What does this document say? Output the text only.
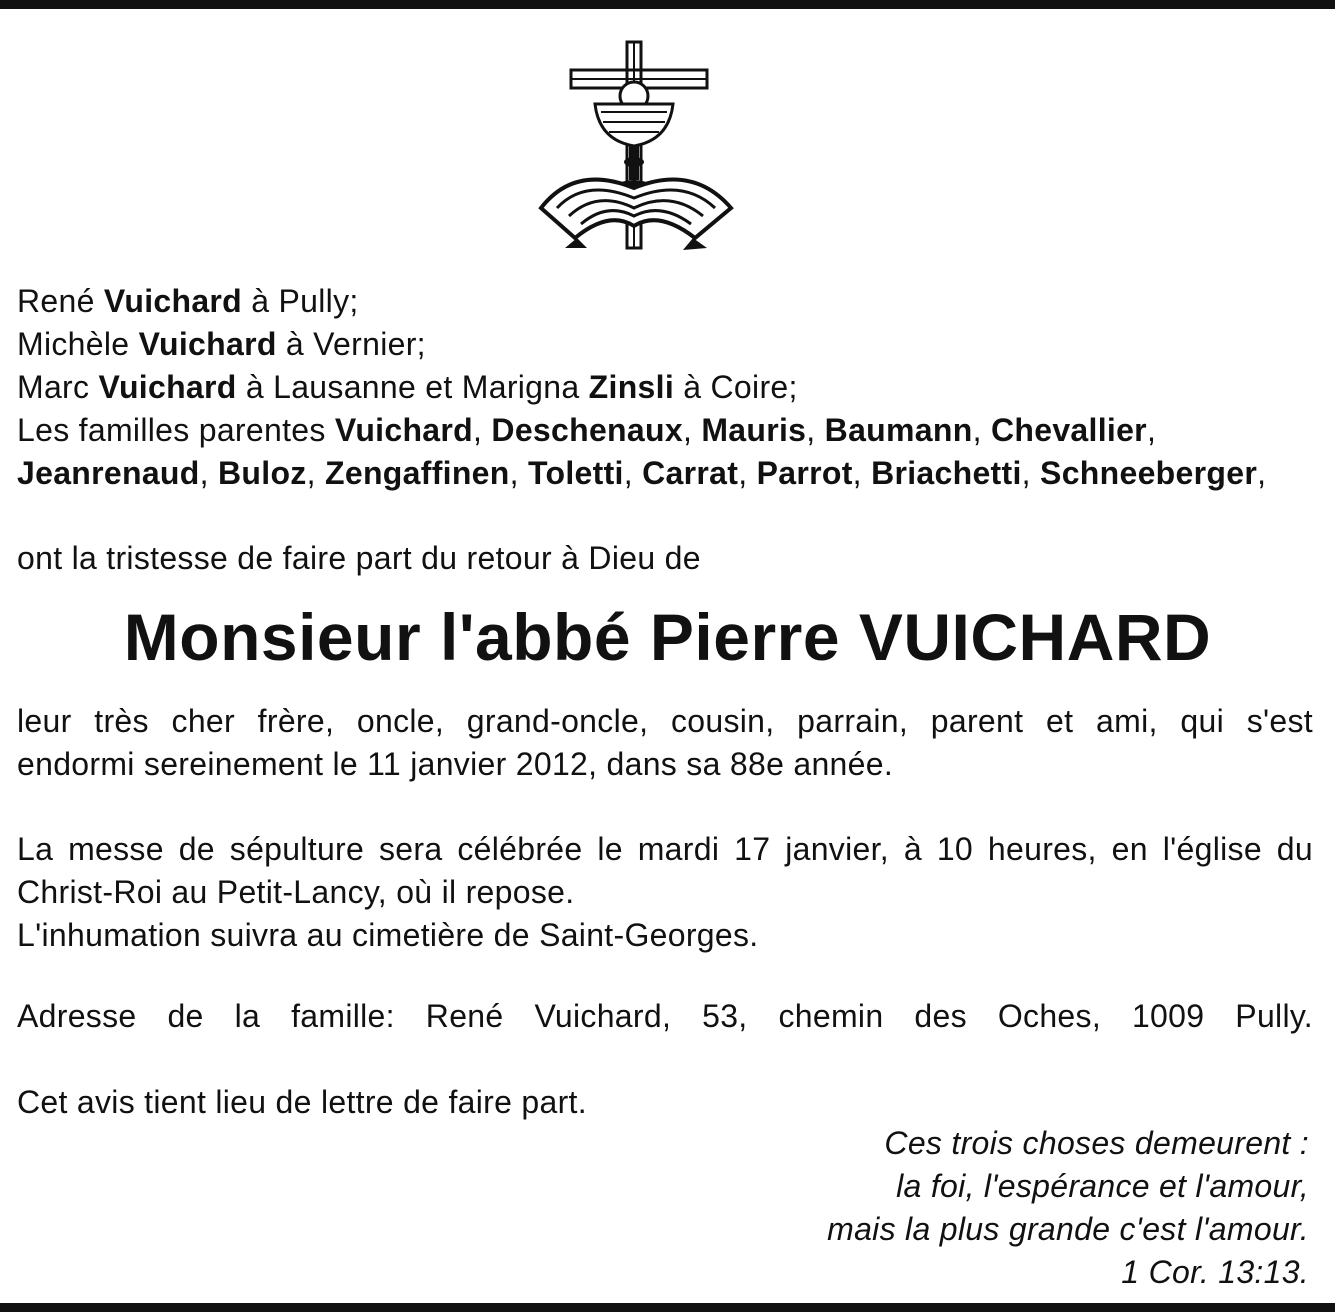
René Vuichard à Pully;
Michèle Vuichard à Vernier;
Marc Vuichard à Lausanne et Marigna Zinsli à Coire;
Les familles parentes Vuichard, Deschenaux, Mauris, Baumann, Chevallier,
Jeanrenaud, Buloz, Zengaffinen, Toletti, Carrat, Parrot, Briachetti, Schneeberger,
ont la tristesse de faire part du retour à Dieu de
Monsieur l'abbé Pierre VUICHARD
leur très cher frère, oncle, grand-oncle, cousin, parrain, parent et ami, qui s'est
endormi sereinement le 11 janvier 2012, dans sa 88e année.
La messe de sépulture sera célébrée le mardi 17 janvier, à 10 heures, en l'église du
Christ-Roi au Petit-Lancy, où il repose.
L'inhumation suivra au cimetière de Saint-Georges.
Adresse de la famille: René Vuichard, 53, chemin des Oches, 1009 Pully.
Cet avis tient lieu de lettre de faire part.
Ces trois choses demeurent :
la foi, l'espérance et l'amour,
mais la plus grande c'est l'amour.
1 Cor. 13:13.
